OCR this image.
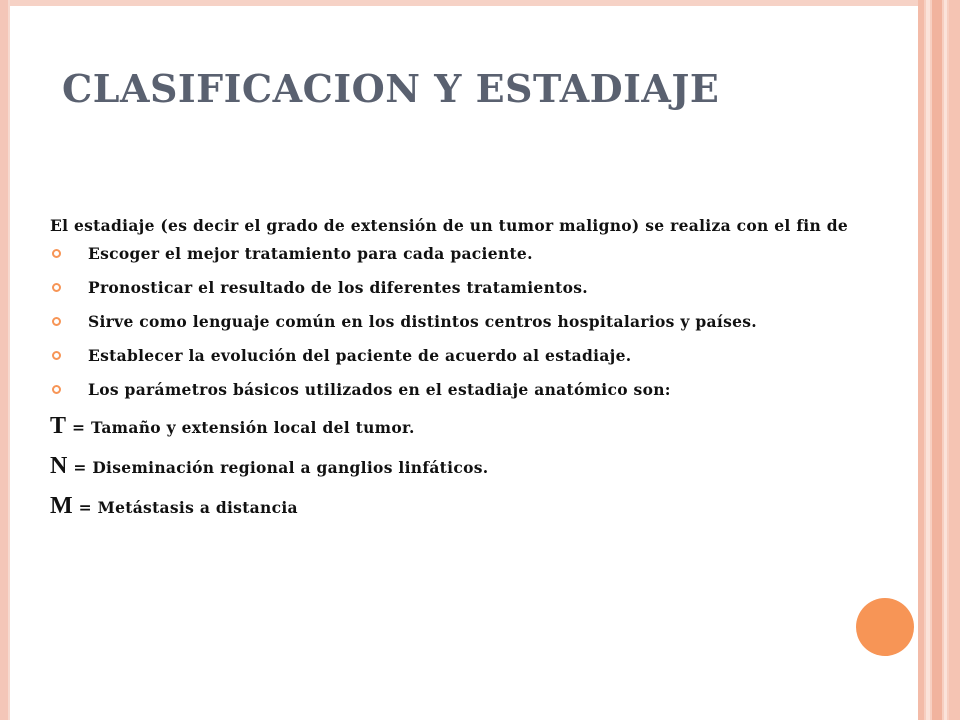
CLASIFICACION Y ESTADIAJE

El estadiaje (es decir el grado de extensión de un tumor maligno) se realiza con el fin de

Escoger el mejor tratamiento para cada paciente.
Pronosticar el resultado de los diferentes tratamientos.
Sirve como lenguaje común en los distintos centros hospitalarios y países.
Establecer la evolución del paciente de acuerdo al estadiaje.
Los parámetros básicos utilizados en el estadiaje anatómico son:
T = Tamaño y extensión local del tumor.
N = Diseminación regional a ganglios linfáticos.
M = Metástasis a distancia
